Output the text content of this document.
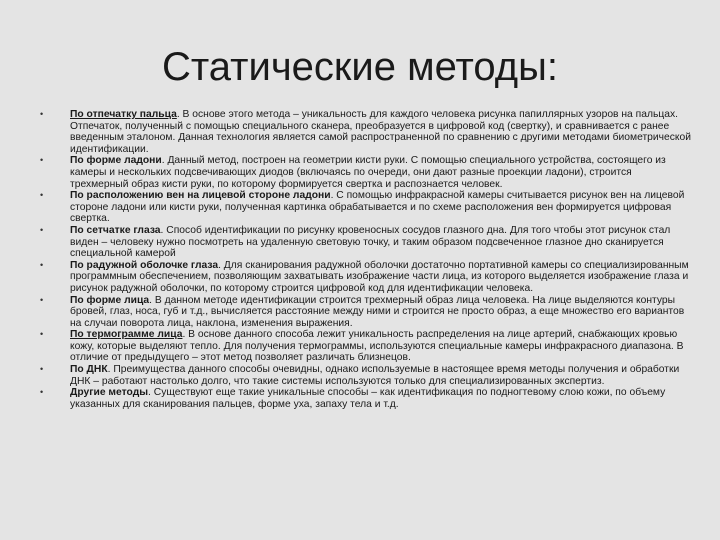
Статические методы:
•	По отпечатку пальца. В основе этого метода – уникальность для каждого человека рисунка папиллярных узоров на пальцах. Отпечаток, полученный с помощью специального сканера, преобразуется в цифровой код (свертку), и сравнивается с ранее введенным эталоном. Данная технология является самой распространенной по сравнению с другими методами биометрической идентификации.
•	По форме ладони. Данный метод, построен на геометрии кисти руки. С помощью специального устройства, состоящего из камеры и нескольких подсвечивающих диодов (включаясь по очереди, они дают разные проекции ладони), строится трехмерный образ кисти руки, по которому формируется свертка и распознается человек.
•	По расположению вен на лицевой стороне ладони. С помощью инфракрасной камеры считывается рисунок вен на лицевой стороне ладони или кисти руки, полученная картинка обрабатывается и по схеме расположения вен формируется цифровая свертка.
•	По сетчатке глаза. Способ идентификации по рисунку кровеносных сосудов глазного дна. Для того чтобы этот рисунок стал виден – человеку нужно посмотреть на удаленную световую точку, и таким образом подсвеченное глазное дно сканируется специальной камерой
•	По радужной оболочке глаза. Для сканирования радужной оболочки достаточно портативной камеры со специализированным программным обеспечением, позволяющим захватывать изображение части лица, из которого выделяется изображение глаза и рисунок радужной оболочки, по которому строится цифровой код для идентификации человека.
•	По форме лица. В данном методе идентификации строится трехмерный образ лица человека. На лице выделяются контуры бровей, глаз, носа, губ и т.д., вычисляется расстояние между ними и строится не просто образ, а еще множество его вариантов на случаи поворота лица, наклона, изменения выражения.
•	По термограмме лица. В основе данного способа лежит уникальность распределения на лице артерий, снабжающих кровью кожу, которые выделяют тепло. Для получения термограммы, используются специальные камеры инфракрасного диапазона. В отличие от предыдущего – этот метод позволяет различать близнецов.
•	По ДНК. Преимущества данного способы очевидны, однако используемые в настоящее время методы получения и обработки ДНК – работают настолько долго, что такие системы используются только для специализированных экспертиз.
•	Другие методы. Существуют еще такие уникальные способы – как идентификация по подногтевому слою кожи, по объему указанных для сканирования пальцев, форме уха, запаху тела и т.д.
